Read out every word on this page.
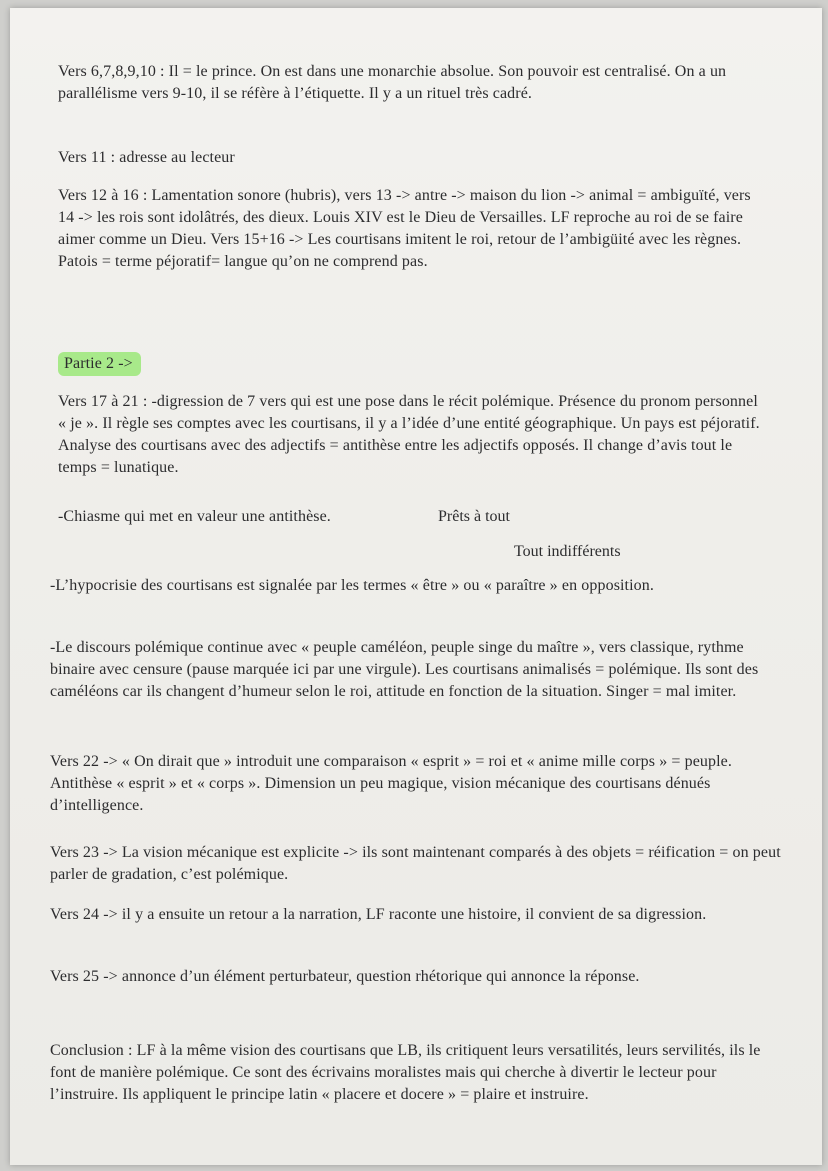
Vers 6,7,8,9,10 : Il = le prince. On est dans une monarchie absolue. Son pouvoir est centralisé. On a un parallélisme vers 9-10, il se réfère à l’étiquette. Il y a un rituel très cadré.

Vers 11 : adresse au lecteur

Vers 12 à 16 : Lamentation sonore (hubris), vers 13 -> antre -> maison du lion -> animal = ambiguïté, vers 14 -> les rois sont idolâtrés, des dieux. Louis XIV est le Dieu de Versailles. LF reproche au roi de se faire aimer comme un Dieu. Vers 15+16 -> Les courtisans imitent le roi, retour de l’ambigüité avec les règnes. Patois = terme péjoratif= langue qu’on ne comprend pas.

Partie 2 ->

Vers 17 à 21 : -digression de 7 vers qui est une pose dans le récit polémique. Présence du pronom personnel « je ». Il règle ses comptes avec les courtisans, il y a l’idée d’une entité géographique. Un pays est péjoratif. Analyse des courtisans avec des adjectifs = antithèse entre les adjectifs opposés. Il change d’avis tout le temps = lunatique.

-Chiasme qui met en valeur une antithèse.	Prêts à tout

Tout indifférents

-L’hypocrisie des courtisans est signalée par les termes « être » ou « paraître » en opposition.

-Le discours polémique continue avec « peuple caméléon, peuple singe du maître », vers classique, rythme binaire avec censure (pause marquée ici par une virgule). Les courtisans animalisés = polémique. Ils sont des caméléons car ils changent d’humeur selon le roi, attitude en fonction de la situation. Singer = mal imiter.

Vers 22 -> « On dirait que » introduit une comparaison « esprit » = roi et « anime mille corps » = peuple. Antithèse « esprit » et « corps ». Dimension un peu magique, vision mécanique des courtisans dénués d’intelligence.

Vers 23 -> La vision mécanique est explicite -> ils sont maintenant comparés à des objets = réification = on peut parler de gradation, c’est polémique.

Vers 24 -> il y a ensuite un retour a la narration, LF raconte une histoire, il convient de sa digression.

Vers 25 -> annonce d’un élément perturbateur, question rhétorique qui annonce la réponse.

Conclusion : LF à la même vision des courtisans que LB, ils critiquent leurs versatilités, leurs servilités, ils le font de manière polémique. Ce sont des écrivains moralistes mais qui cherche à divertir le lecteur pour l’instruire. Ils appliquent le principe latin « placere et docere » = plaire et instruire.
